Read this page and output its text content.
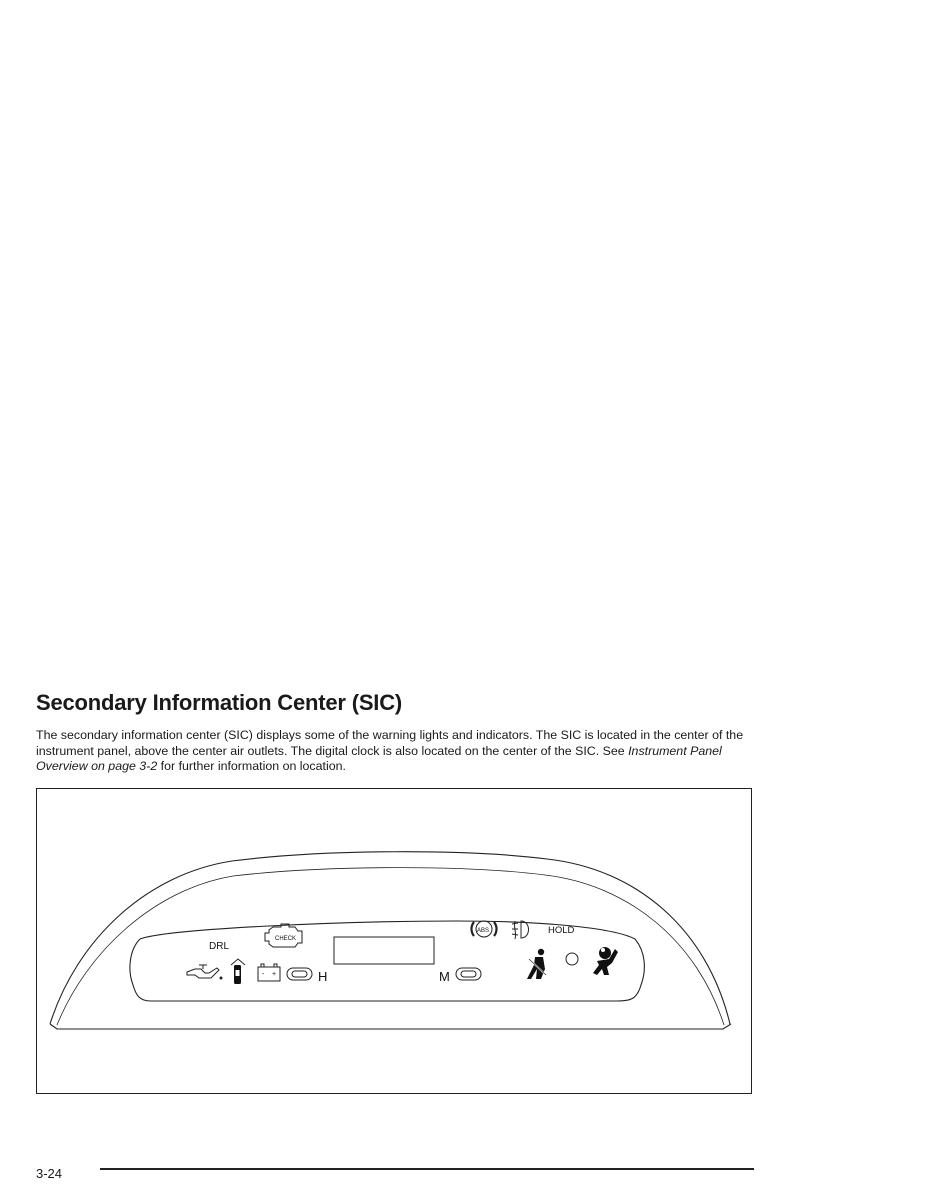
Secondary Information Center (SIC)

The secondary information center (SIC) displays some of the warning lights and indicators. The SIC is located in the center of the instrument panel, above the center air outlets. The digital clock is also located on the center of the SIC. See Instrument Panel Overview on page 3-2 for further information on location.

DRL
CHECK
- +	H	M
ABS	HOLD

3-24
